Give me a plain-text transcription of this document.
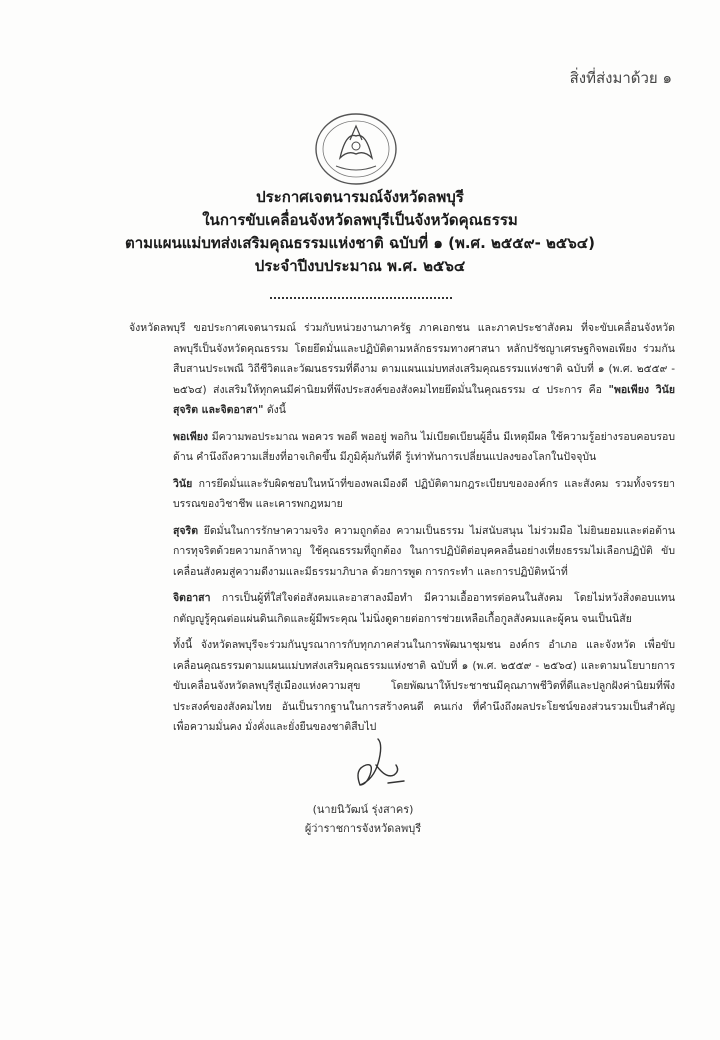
สิ่งที่ส่งมาด้วย ๑
ประกาศเจตนารมณ์จังหวัดลพบุรี
ในการขับเคลื่อนจังหวัดลพบุรีเป็นจังหวัดคุณธรรม
ตามแผนแม่บทส่งเสริมคุณธรรมแห่งชาติ ฉบับที่ ๑ (พ.ศ. ๒๕๕๙- ๒๕๖๔)
ประจำปีงบประมาณ พ.ศ. ๒๕๖๔

จังหวัดลพบุรี ขอประกาศเจตนารมณ์ ร่วมกับหน่วยงานภาครัฐ ภาคเอกชน และภาคประชาสังคม ที่จะขับเคลื่อนจังหวัดลพบุรีเป็นจังหวัดคุณธรรม โดยยึดมั่นและปฏิบัติตามหลักธรรมทางศาสนา หลักปรัชญาเศรษฐกิจพอเพียง ร่วมกันสืบสานประเพณี วิถีชีวิตและวัฒนธรรมที่ดีงาม ตามแผนแม่บทส่งเสริมคุณธรรมแห่งชาติ ฉบับที่ ๑ (พ.ศ. ๒๕๕๙ - ๒๕๖๔) ส่งเสริมให้ทุกคนมีค่านิยมที่พึงประสงค์ของสังคมไทยยึดมั่นในคุณธรรม ๔ ประการ คือ "พอเพียง วินัย สุจริต และจิตอาสา" ดังนี้

พอเพียง มีความพอประมาณ พอควร พอดี พออยู่ พอกิน ไม่เบียดเบียนผู้อื่น มีเหตุมีผล ใช้ความรู้อย่างรอบคอบรอบด้าน คำนึงถึงความเสี่ยงที่อาจเกิดขึ้น มีภูมิคุ้มกันที่ดี รู้เท่าทันการเปลี่ยนแปลงของโลกในปัจจุบัน

วินัย การยึดมั่นและรับผิดชอบในหน้าที่ของพลเมืองดี ปฏิบัติตามกฎระเบียบขององค์กร และสังคม รวมทั้งจรรยาบรรณของวิชาชีพ และเคารพกฎหมาย

สุจริต ยึดมั่นในการรักษาความจริง ความถูกต้อง ความเป็นธรรม ไม่สนับสนุน ไม่ร่วมมือ ไม่ยินยอมและต่อต้านการทุจริตด้วยความกล้าหาญ ใช้คุณธรรมที่ถูกต้อง ในการปฏิบัติต่อบุคคลอื่นอย่างเที่ยงธรรมไม่เลือกปฏิบัติ ขับเคลื่อนสังคมสู่ความดีงามและมีธรรมาภิบาล ด้วยการพูด การกระทำ และการปฏิบัติหน้าที่

จิตอาสา การเป็นผู้ที่ใส่ใจต่อสังคมและอาสาลงมือทำ มีความเอื้ออาทรต่อคนในสังคม โดยไม่หวังสิ่งตอบแทน กตัญญูรู้คุณต่อแผ่นดินเกิดและผู้มีพระคุณ ไม่นิ่งดูดายต่อการช่วยเหลือเกื้อกูลสังคมและผู้คน จนเป็นนิสัย

ทั้งนี้ จังหวัดลพบุรีจะร่วมกันบูรณาการกับทุกภาคส่วนในการพัฒนาชุมชน องค์กร อำเภอ และจังหวัด เพื่อขับเคลื่อนคุณธรรมตามแผนแม่บทส่งเสริมคุณธรรมแห่งชาติ ฉบับที่ ๑ (พ.ศ. ๒๕๕๙ - ๒๕๖๔) และตามนโยบายการขับเคลื่อนจังหวัดลพบุรีสู่เมืองแห่งความสุข โดยพัฒนาให้ประชาชนมีคุณภาพชีวิตที่ดีและปลูกฝังค่านิยมที่พึงประสงค์ของสังคมไทย อันเป็นรากฐานในการสร้างคนดี คนเก่ง ที่คำนึงถึงผลประโยชน์ของส่วนรวมเป็นสำคัญ เพื่อความมั่นคง มั่งคั่งและยั่งยืนของชาติสืบไป

(นายนิวัฒน์ รุ่งสาคร)
ผู้ว่าราชการจังหวัดลพบุรี
